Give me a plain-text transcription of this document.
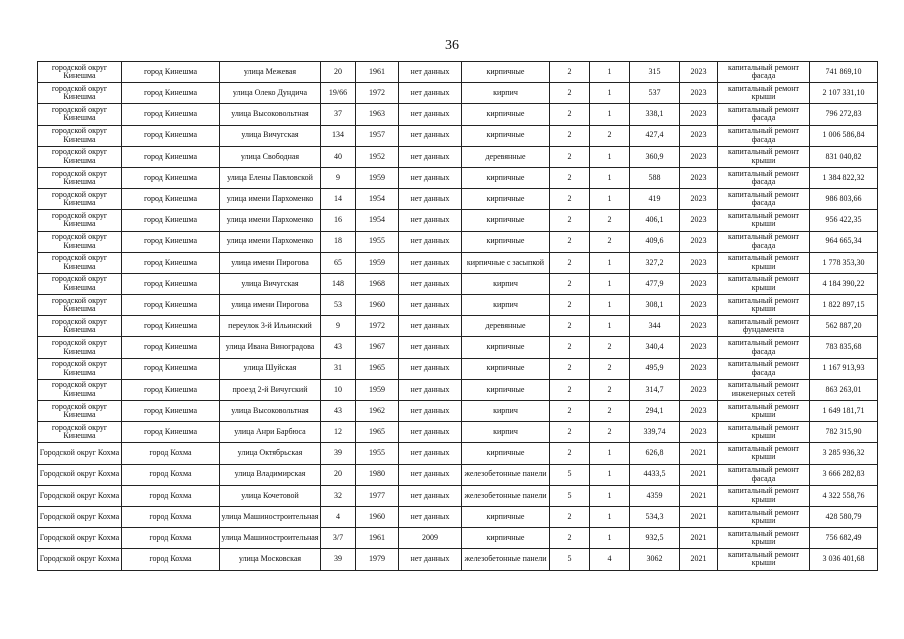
36
городской округ Кинешма	город Кинешма	улица Межевая	20	1961	нет данных	кирпичные	2	1	315	2023	капитальный ремонт фасада	741 869,10
городской округ Кинешма	город Кинешма	улица Олеко Дундича	19/66	1972	нет данных	кирпич	2	1	537	2023	капитальный ремонт крыши	2 107 331,10
городской округ Кинешма	город Кинешма	улица Высоковольтная	37	1963	нет данных	кирпичные	2	1	338,1	2023	капитальный ремонт фасада	796 272,83
городской округ Кинешма	город Кинешма	улица Вичугская	134	1957	нет данных	кирпичные	2	2	427,4	2023	капитальный ремонт фасада	1 006 586,84
городской округ Кинешма	город Кинешма	улица Свободная	40	1952	нет данных	деревянные	2	1	360,9	2023	капитальный ремонт крыши	831 040,82
городской округ Кинешма	город Кинешма	улица Елены Павловской	9	1959	нет данных	кирпичные	2	1	588	2023	капитальный ремонт фасада	1 384 822,32
городской округ Кинешма	город Кинешма	улица имени Пархоменко	14	1954	нет данных	кирпичные	2	1	419	2023	капитальный ремонт фасада	986 803,66
городской округ Кинешма	город Кинешма	улица имени Пархоменко	16	1954	нет данных	кирпичные	2	2	406,1	2023	капитальный ремонт крыши	956 422,35
городской округ Кинешма	город Кинешма	улица имени Пархоменко	18	1955	нет данных	кирпичные	2	2	409,6	2023	капитальный ремонт фасада	964 665,34
городской округ Кинешма	город Кинешма	улица имени Пирогова	65	1959	нет данных	кирпичные с засыпкой	2	1	327,2	2023	капитальный ремонт крыши	1 778 353,30
городской округ Кинешма	город Кинешма	улица Вичугская	148	1968	нет данных	кирпич	2	1	477,9	2023	капитальный ремонт крыши	4 184 390,22
городской округ Кинешма	город Кинешма	улица имени Пирогова	53	1960	нет данных	кирпич	2	1	308,1	2023	капитальный ремонт крыши	1 822 897,15
городской округ Кинешма	город Кинешма	переулок 3-й Ильинский	9	1972	нет данных	деревянные	2	1	344	2023	капитальный ремонт фундамента	562 887,20
городской округ Кинешма	город Кинешма	улица Ивана Виноградова	43	1967	нет данных	кирпичные	2	2	340,4	2023	капитальный ремонт фасада	783 835,68
городской округ Кинешма	город Кинешма	улица Шуйская	31	1965	нет данных	кирпичные	2	2	495,9	2023	капитальный ремонт фасада	1 167 913,93
городской округ Кинешма	город Кинешма	проезд 2-й Вичугский	10	1959	нет данных	кирпичные	2	2	314,7	2023	капитальный ремонт инженерных сетей	863 263,01
городской округ Кинешма	город Кинешма	улица Высоковольтная	43	1962	нет данных	кирпич	2	2	294,1	2023	капитальный ремонт крыши	1 649 181,71
городской округ Кинешма	город Кинешма	улица Анри Барбюса	12	1965	нет данных	кирпич	2	2	339,74	2023	капитальный ремонт крыши	782 315,90
Городской округ Кохма	город Кохма	улица Октябрьская	39	1955	нет данных	кирпичные	2	1	626,8	2021	капитальный ремонт крыши	3 285 936,32
Городской округ Кохма	город Кохма	улица Владимирская	20	1980	нет данных	железобетонные панели	5	1	4433,5	2021	капитальный ремонт фасада	3 666 282,83
Городской округ Кохма	город Кохма	улица Кочетовой	32	1977	нет данных	железобетонные панели	5	1	4359	2021	капитальный ремонт крыши	4 322 558,76
Городской округ Кохма	город Кохма	улица Машиностроительная	4	1960	нет данных	кирпичные	2	1	534,3	2021	капитальный ремонт крыши	428 580,79
Городской округ Кохма	город Кохма	улица Машиностроительная	3/7	1961	2009	кирпичные	2	1	932,5	2021	капитальный ремонт крыши	756 682,49
Городской округ Кохма	город Кохма	улица Московская	39	1979	нет данных	железобетонные панели	5	4	3062	2021	капитальный ремонт крыши	3 036 401,68
